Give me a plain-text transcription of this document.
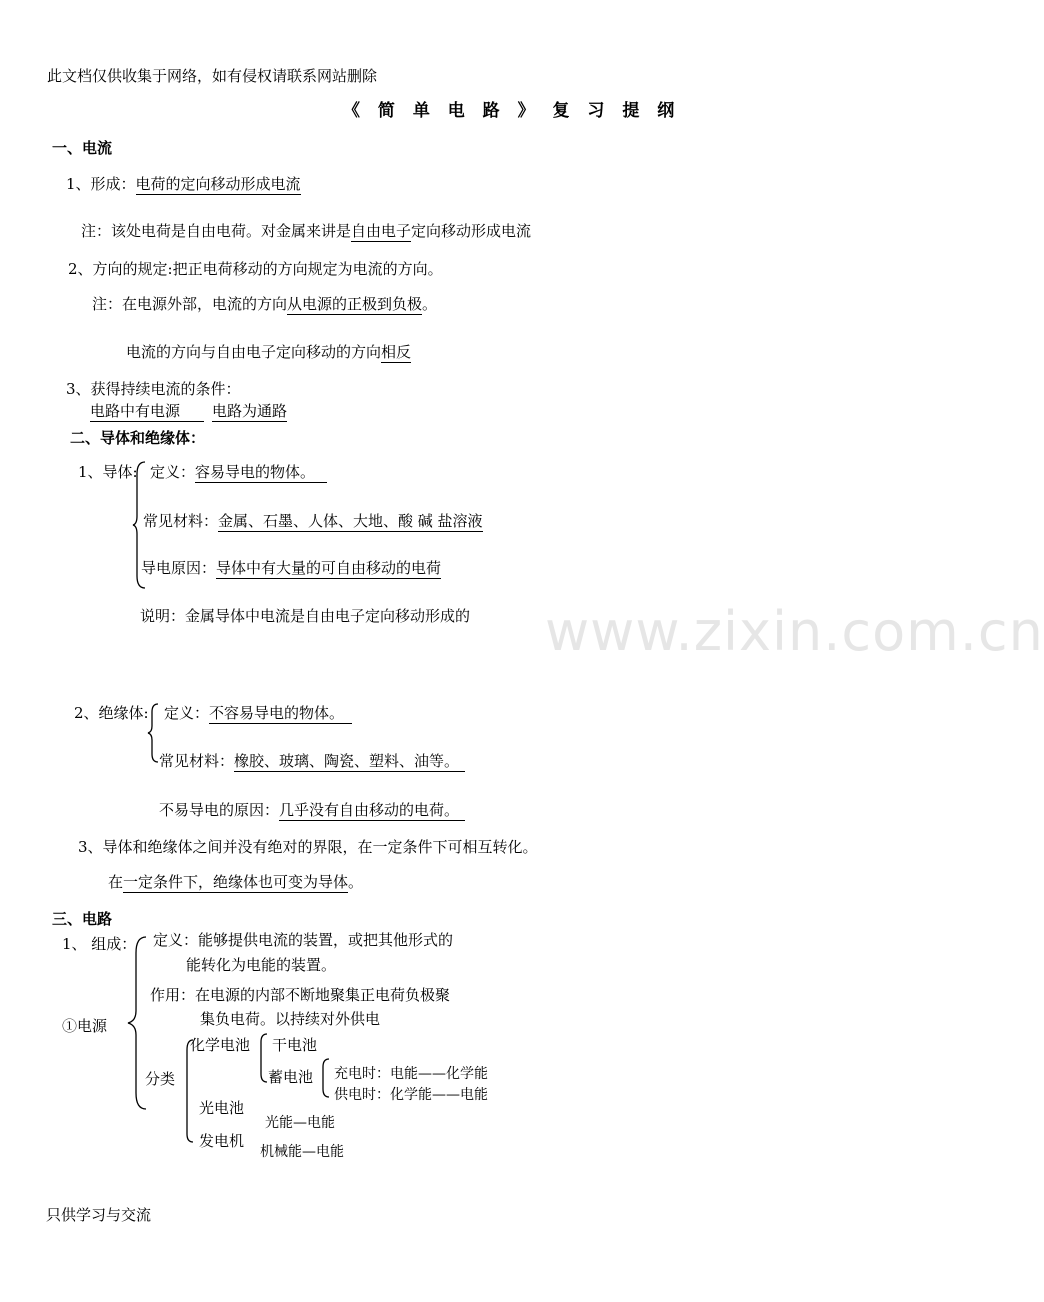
此文档仅供收集于网络，如有侵权请联系网站删除
《 简 单 电 路 》 复 习 提 纲
www.zixin.com.cn
只供学习与交流
一、电流
1、形成：电荷的定向移动形成电流
注：该处电荷是自由电荷。对金属来讲是自由电子定向移动形成电流
2、方向的规定:把正电荷移动的方向规定为电流的方向。
注：在电源外部，电流的方向从电源的正极到负极。
电流的方向与自由电子定向移动的方向相反
3、获得持续电流的条件：
电路中有电源 电路为通路
二、导体和绝缘体：
1、导体: 定义：容易导电的物体。
常见材料：金属、石墨、人体、大地、酸 碱 盐溶液
导电原因：导体中有大量的可自由移动的电荷
说明：金属导体中电流是自由电子定向移动形成的
2、绝缘体: 定义：不容易导电的物体。
常见材料：橡胶、玻璃、陶瓷、塑料、油等。
不易导电的原因：几乎没有自由移动的电荷。
3、导体和绝缘体之间并没有绝对的界限，在一定条件下可相互转化。
在一定条件下，绝缘体也可变为导体。
三、电路
1、 组成：
①电源
定义：能够提供电流的装置，或把其他形式的
能转化为电能的装置。
作用：在电源的内部不断地聚集正电荷负极聚
集负电荷。以持续对外供电
分类
化学电池 干电池
蓄电池 充电时：电能——化学能
供电时：化学能——电能
光电池
光能—电能
发电机
机械能—电能
